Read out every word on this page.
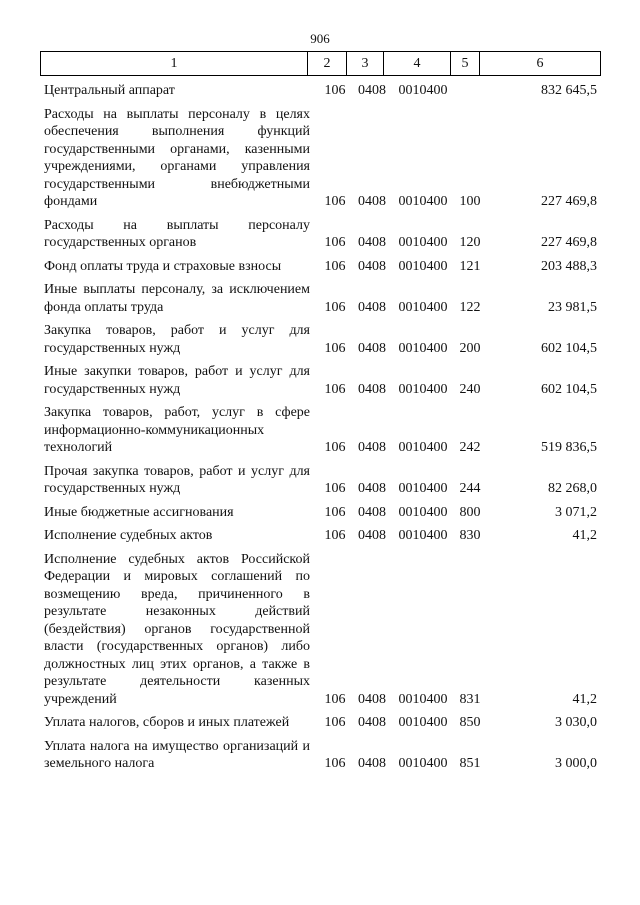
906
1	2	3	4	5	6
Центральный аппарат	106	0408	0010400		832 645,5
Расходы на выплаты персоналу в целях обеспечения выполнения функций государственными органами, казенными учреждениями, органами управления государственными внебюджетными фондами	106	0408	0010400	100	227 469,8
Расходы на выплаты персоналу государственных органов	106	0408	0010400	120	227 469,8
Фонд оплаты труда и страховые взносы	106	0408	0010400	121	203 488,3
Иные выплаты персоналу, за исключением фонда оплаты труда	106	0408	0010400	122	23 981,5
Закупка товаров, работ и услуг для государственных нужд	106	0408	0010400	200	602 104,5
Иные закупки товаров, работ и услуг для государственных нужд	106	0408	0010400	240	602 104,5
Закупка товаров, работ, услуг в сфере информационно-коммуникационных технологий	106	0408	0010400	242	519 836,5
Прочая закупка товаров, работ и услуг для государственных нужд	106	0408	0010400	244	82 268,0
Иные бюджетные ассигнования	106	0408	0010400	800	3 071,2
Исполнение судебных актов	106	0408	0010400	830	41,2
Исполнение судебных актов Российской Федерации и мировых соглашений по возмещению вреда, причиненного в результате незаконных действий (бездействия) органов государственной власти (государственных органов) либо должностных лиц этих органов, а также в результате деятельности казенных учреждений	106	0408	0010400	831	41,2
Уплата налогов, сборов и иных платежей	106	0408	0010400	850	3 030,0
Уплата налога на имущество организаций и земельного налога	106	0408	0010400	851	3 000,0
